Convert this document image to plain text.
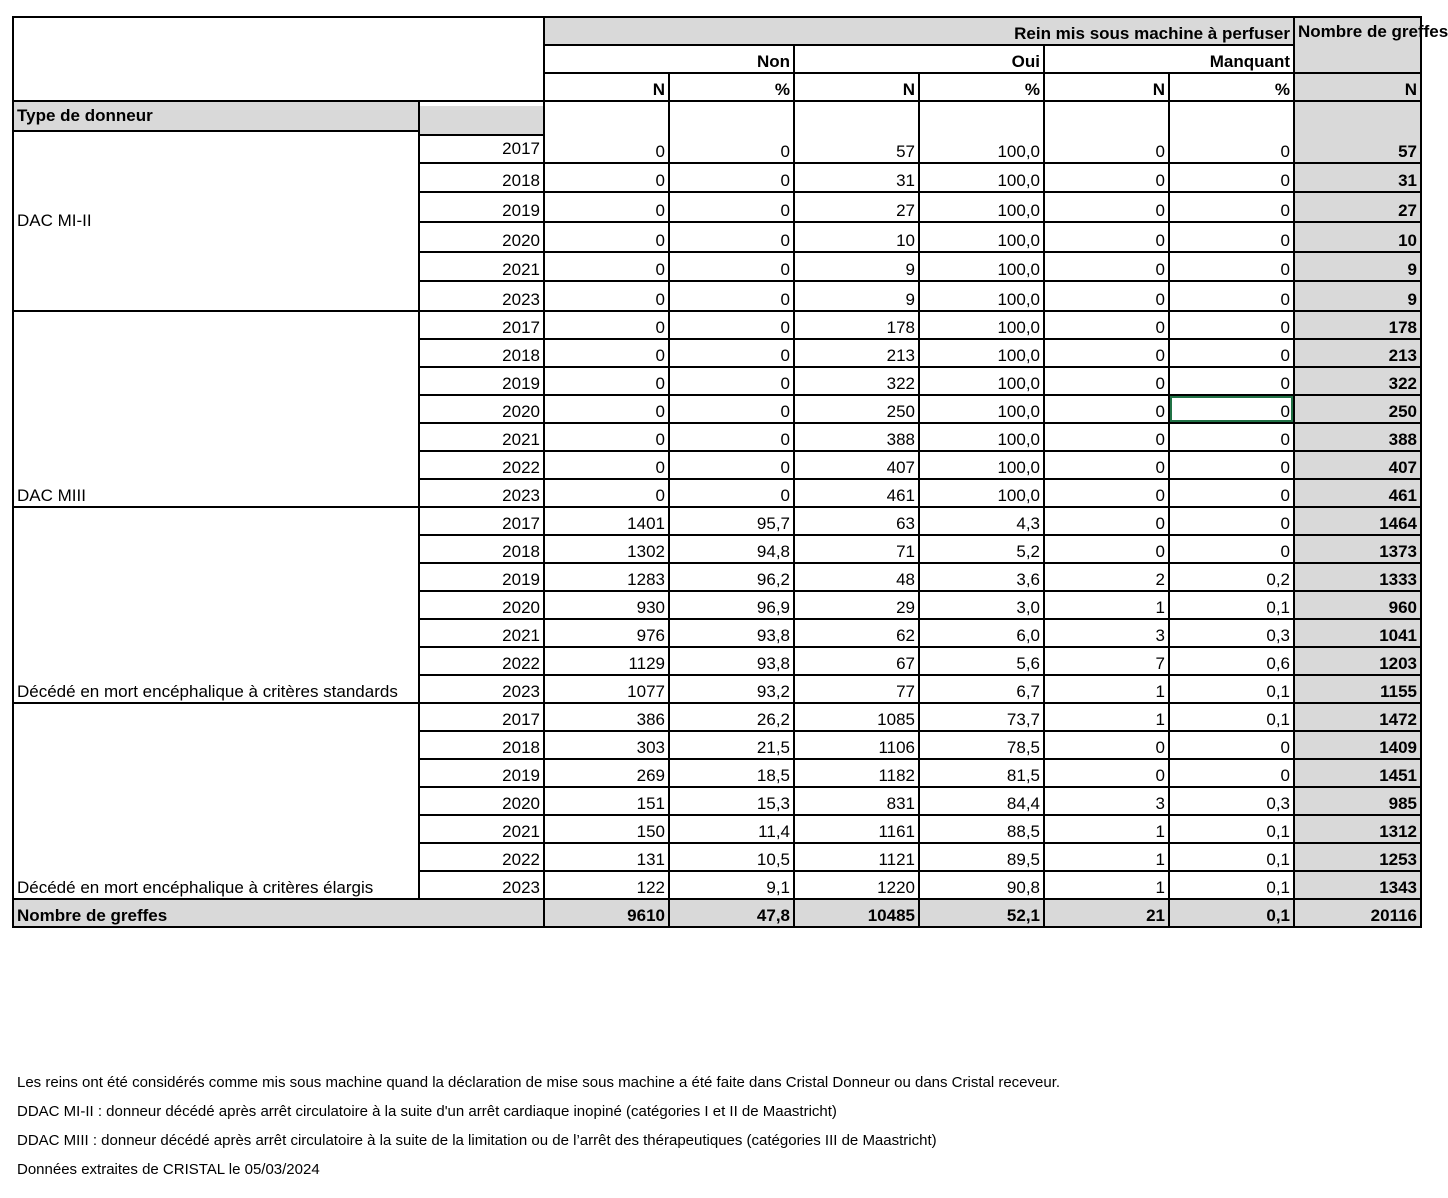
		Rein mis sous machine à perfuser						Nombre de greffes
		Non		Oui		Manquant		
		N	%	N	%	N	%	N

Type de donneur
DAC MI-II	2017	0	0	57	100,0	0	0	57
	2018	0	0	31	100,0	0	0	31
	2019	0	0	27	100,0	0	0	27
	2020	0	0	10	100,0	0	0	10
	2021	0	0	9	100,0	0	0	9
	2023	0	0	9	100,0	0	0	9
DAC MIII	2017	0	0	178	100,0	0	0	178
	2018	0	0	213	100,0	0	0	213
	2019	0	0	322	100,0	0	0	322
	2020	0	0	250	100,0	0	0	250
	2021	0	0	388	100,0	0	0	388
	2022	0	0	407	100,0	0	0	407
	2023	0	0	461	100,0	0	0	461
Décédé en mort encéphalique à critères standards	2017	1401	95,7	63	4,3	0	0	1464
	2018	1302	94,8	71	5,2	0	0	1373
	2019	1283	96,2	48	3,6	2	0,2	1333
	2020	930	96,9	29	3,0	1	0,1	960
	2021	976	93,8	62	6,0	3	0,3	1041
	2022	1129	93,8	67	5,6	7	0,6	1203
	2023	1077	93,2	77	6,7	1	0,1	1155
Décédé en mort encéphalique à critères élargis	2017	386	26,2	1085	73,7	1	0,1	1472
	2018	303	21,5	1106	78,5	0	0	1409
	2019	269	18,5	1182	81,5	0	0	1451
	2020	151	15,3	831	84,4	3	0,3	985
	2021	150	11,4	1161	88,5	1	0,1	1312
	2022	131	10,5	1121	89,5	1	0,1	1253
	2023	122	9,1	1220	90,8	1	0,1	1343
Nombre de greffes		9610	47,8	10485	52,1	21	0,1	20116
Les reins ont été considérés comme mis sous machine quand la déclaration de mise sous machine a été faite dans Cristal Donneur ou dans Cristal receveur.
DDAC MI-II : donneur décédé après arrêt circulatoire à la suite d'un arrêt cardiaque inopiné (catégories I et II de Maastricht)
DDAC MIII : donneur décédé après arrêt circulatoire à la suite de la limitation ou de l’arrêt des thérapeutiques (catégories III de Maastricht)
Données extraites de CRISTAL le 05/03/2024
